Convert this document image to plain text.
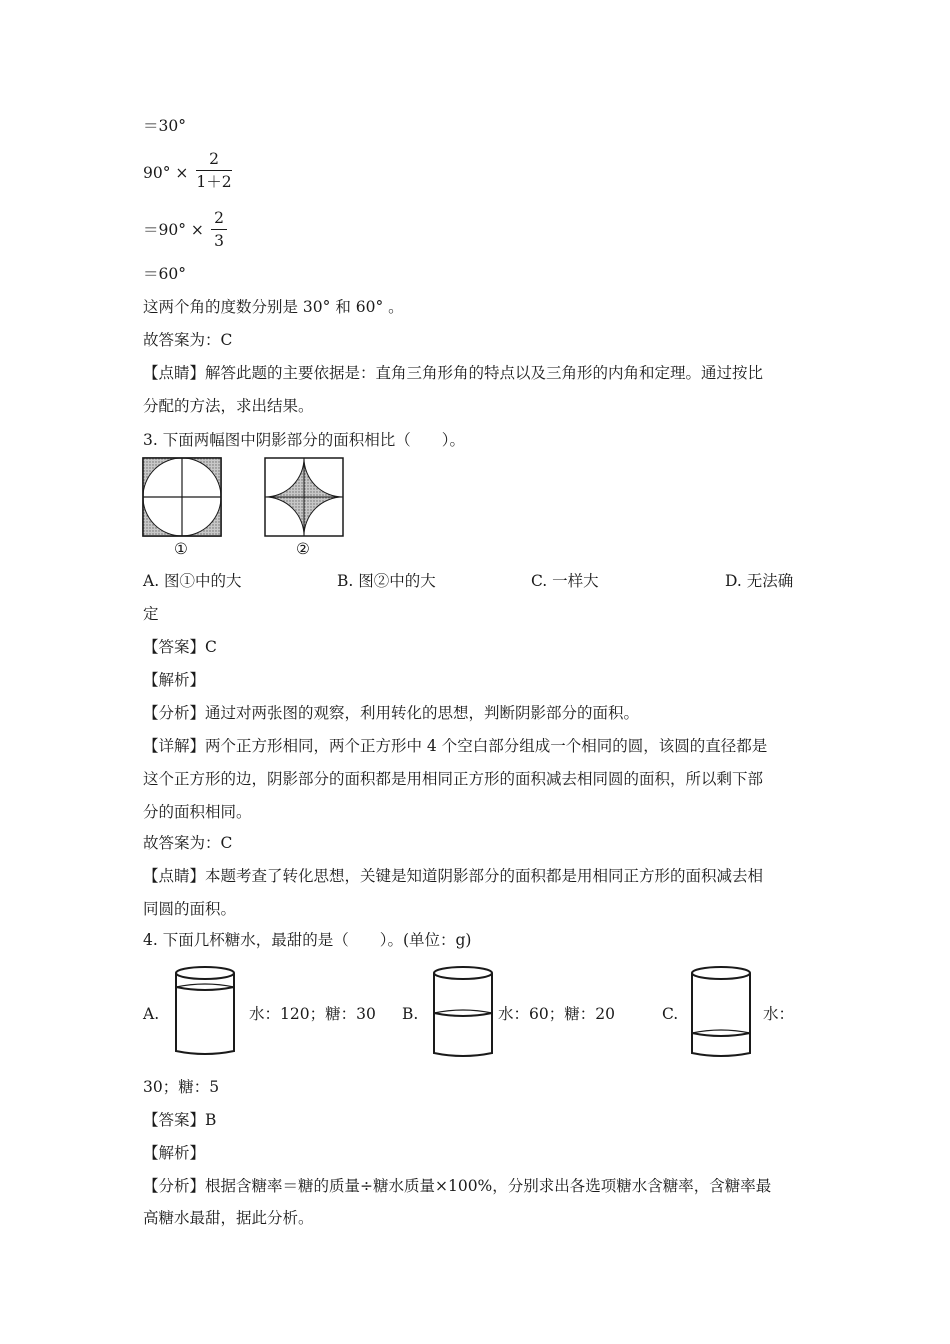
＝30°
90° ×
2
1＋2
＝90° ×
2
3
＝60°
这两个角的度数分别是 30° 和 60° 。
故答案为：C
【点睛】解答此题的主要依据是：直角三角形角的特点以及三角形的内角和定理。通过按比
分配的方法，求出结果。
3. 下面两幅图中阴影部分的面积相比（　　）。
①	②
A. 图①中的大	B. 图②中的大	C. 一样大	D. 无法确
定
【答案】C
【解析】
【分析】通过对两张图的观察，利用转化的思想，判断阴影部分的面积。
【详解】两个正方形相同，两个正方形中 4 个空白部分组成一个相同的圆，该圆的直径都是
这个正方形的边，阴影部分的面积都是用相同正方形的面积减去相同圆的面积，所以剩下部
分的面积相同。
故答案为：C
【点睛】本题考查了转化思想，关键是知道阴影部分的面积都是用相同正方形的面积减去相
同圆的面积。
4. 下面几杯糖水，最甜的是（　　）。(单位：g)
A.	水：120；糖：30 B.	水：60；糖：20	C.	水：
30；糖：5
【答案】B
【解析】
【分析】根据含糖率＝糖的质量÷糖水质量×100%，分别求出各选项糖水含糖率，含糖率最
高糖水最甜，据此分析。
